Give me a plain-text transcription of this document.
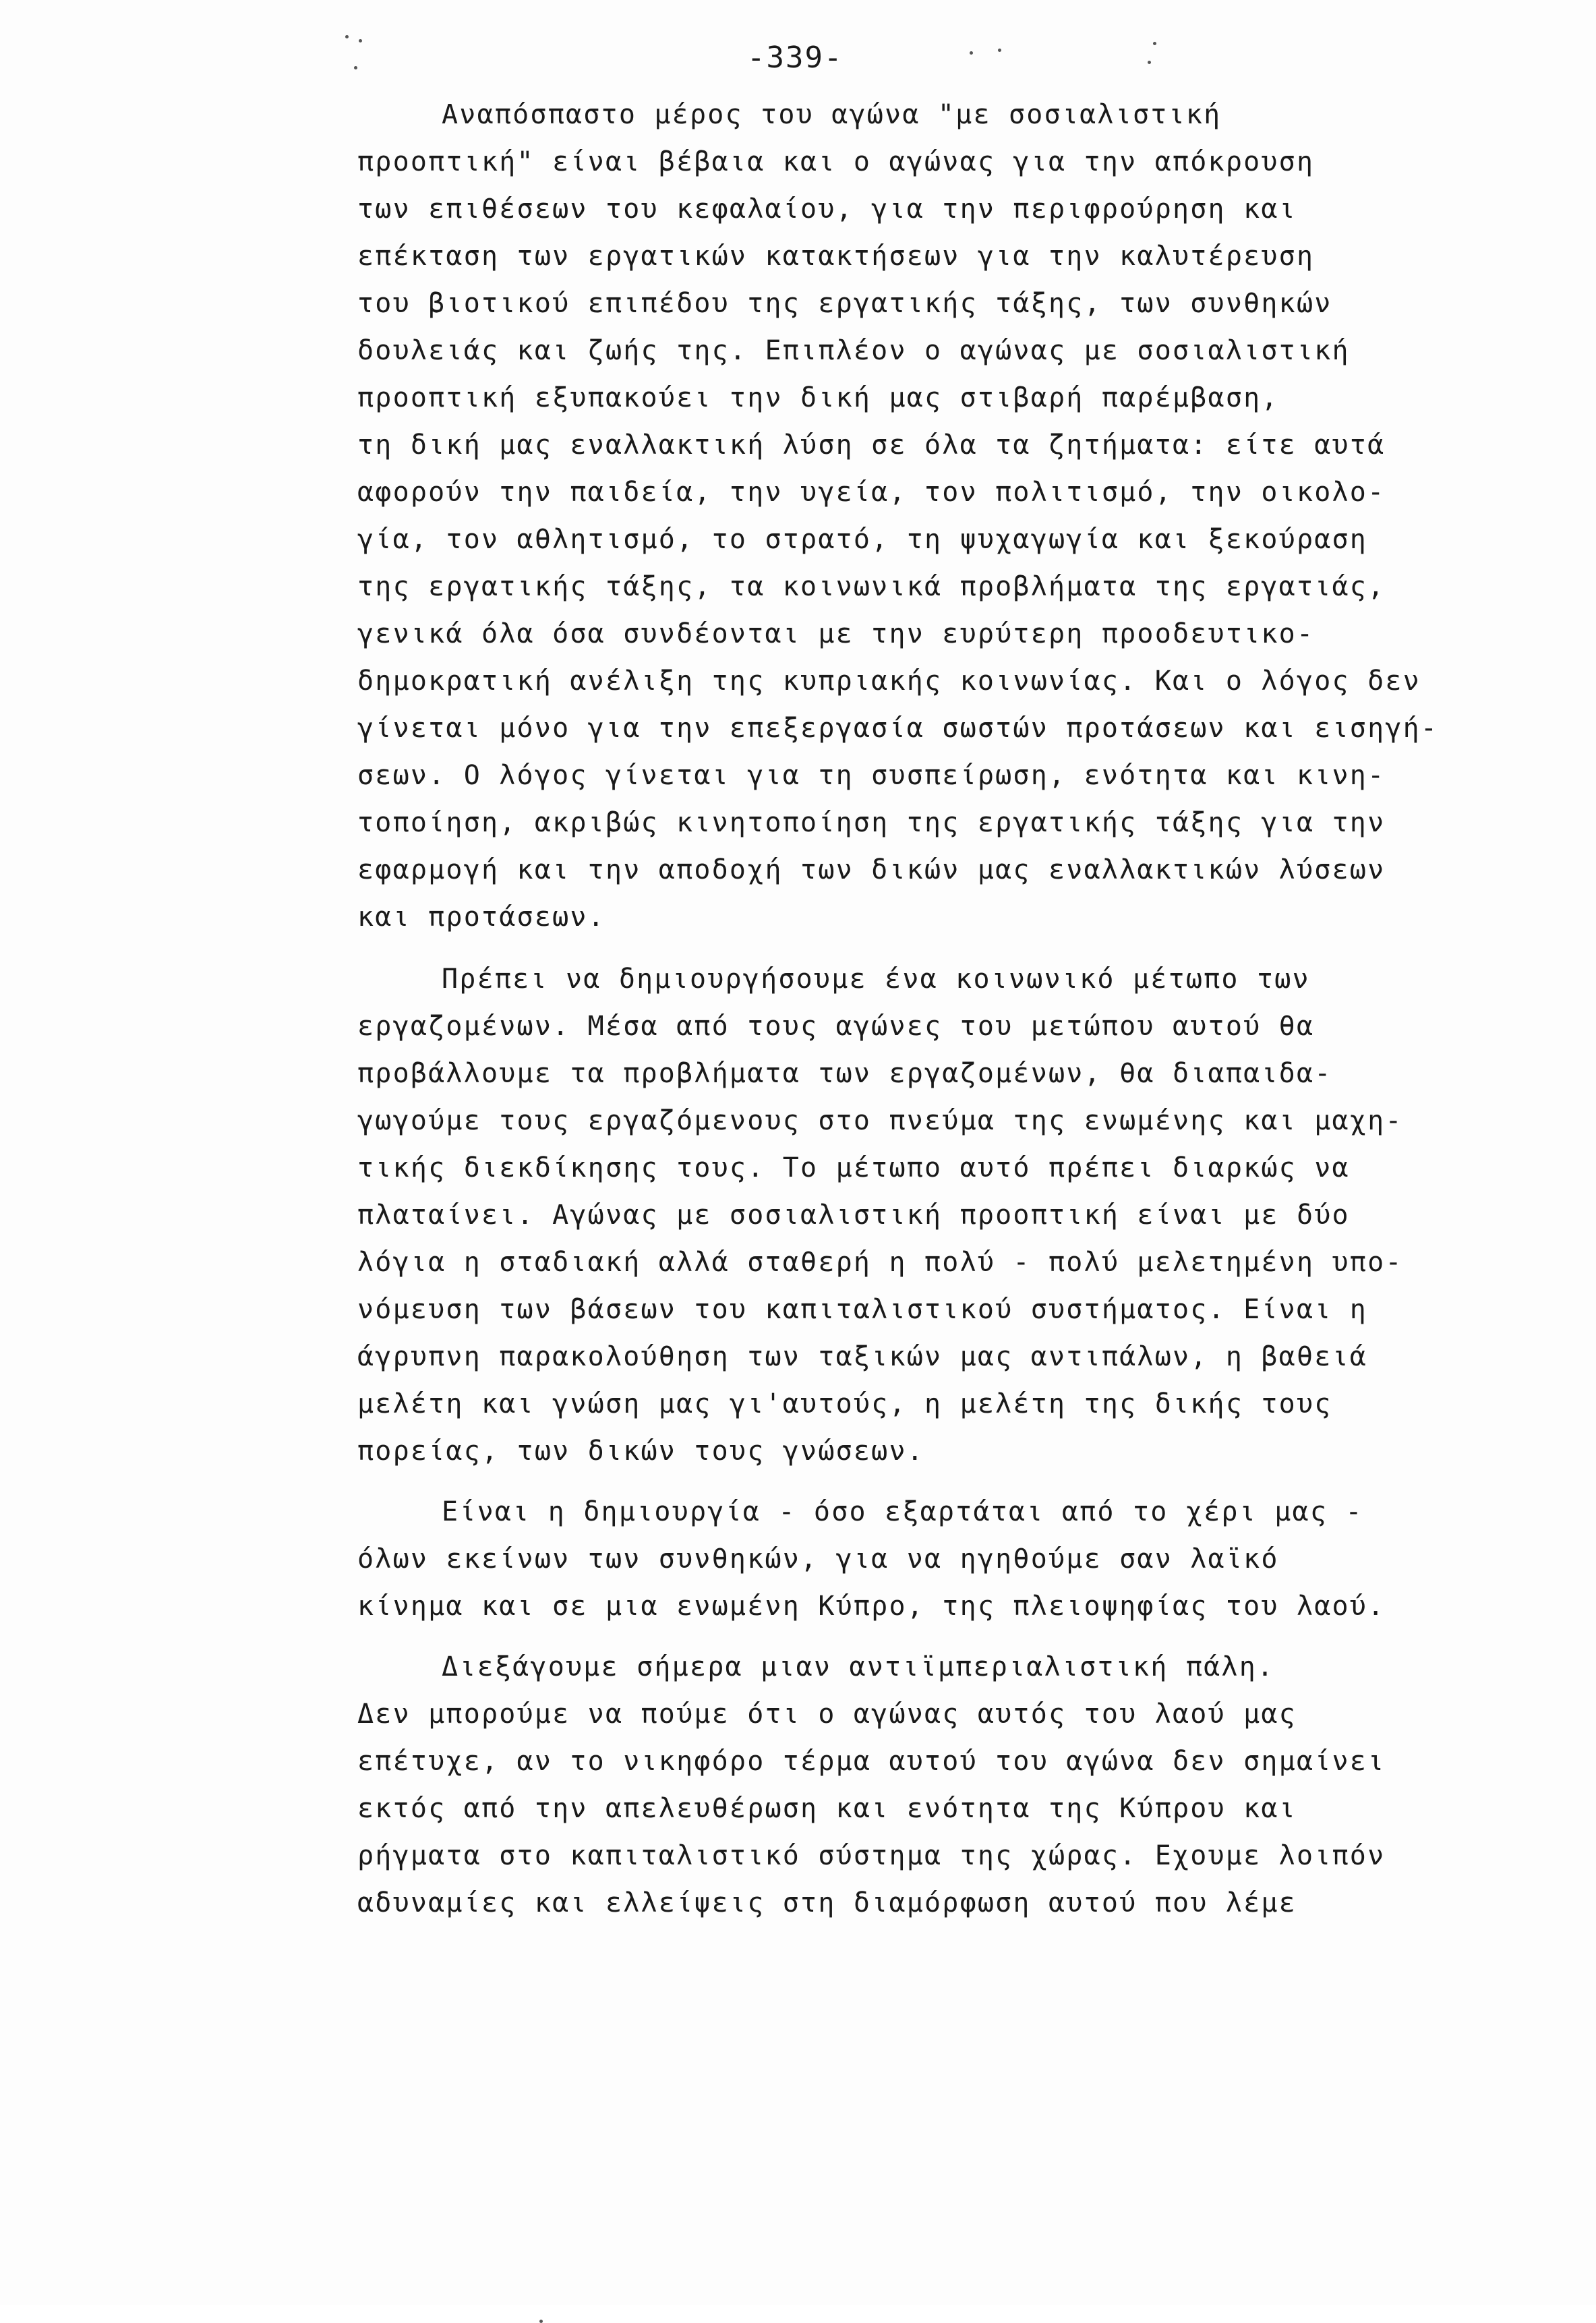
-339-
Αναπόσπαστο μέρος του αγώνα "με σοσιαλιστική
προοπτική" είναι βέβαια και ο αγώνας για την απόκρουση
των επιθέσεων του κεφαλαίου, για την περιφρούρηση και
επέκταση των εργατικών κατακτήσεων για την καλυτέρευση
του βιοτικού επιπέδου της εργατικής τάξης, των συνθηκών
δουλειάς και ζωής της. Επιπλέον ο αγώνας με σοσιαλιστική
προοπτική εξυπακούει την δική μας στιβαρή παρέμβαση,
τη δική μας εναλλακτική λύση σε όλα τα ζητήματα: είτε αυτά
αφορούν την παιδεία, την υγεία, τον πολιτισμό, την οικολο-
γία, τον αθλητισμό, το στρατό, τη ψυχαγωγία και ξεκούραση
της εργατικής τάξης, τα κοινωνικά προβλήματα της εργατιάς,
γενικά όλα όσα συνδέονται με την ευρύτερη προοδευτικο-
δημοκρατική ανέλιξη της κυπριακής κοινωνίας. Και ο λόγος δεν
γίνεται μόνο για την επεξεργασία σωστών προτάσεων και εισηγή-
σεων. Ο λόγος γίνεται για τη συσπείρωση, ενότητα και κινη-
τοποίηση, ακριβώς κινητοποίηση της εργατικής τάξης για την
εφαρμογή και την αποδοχή των δικών μας εναλλακτικών λύσεων
και προτάσεων.
Πρέπει να δημιουργήσουμε ένα κοινωνικό μέτωπο των
εργαζομένων. Μέσα από τους αγώνες του μετώπου αυτού θα
προβάλλουμε τα προβλήματα των εργαζομένων, θα διαπαιδα-
γωγούμε τους εργαζόμενους στο πνεύμα της ενωμένης και μαχη-
τικής διεκδίκησης τους. Το μέτωπο αυτό πρέπει διαρκώς να
πλαταίνει. Αγώνας με σοσιαλιστική προοπτική είναι με δύο
λόγια η σταδιακή αλλά σταθερή η πολύ - πολύ μελετημένη υπο-
νόμευση των βάσεων του καπιταλιστικού συστήματος. Είναι η
άγρυπνη παρακολούθηση των ταξικών μας αντιπάλων, η βαθειά
μελέτη και γνώση μας γι'αυτούς, η μελέτη της δικής τους
πορείας, των δικών τους γνώσεων.
Είναι η δημιουργία - όσο εξαρτάται από το χέρι μας -
όλων εκείνων των συνθηκών, για να ηγηθούμε σαν λαϊκό
κίνημα και σε μια ενωμένη Κύπρο, της πλειοψηφίας του λαού.
Διεξάγουμε σήμερα μιαν αντιϊμπεριαλιστική πάλη.
Δεν μπορούμε να πούμε ότι ο αγώνας αυτός του λαού μας
επέτυχε, αν το νικηφόρο τέρμα αυτού του αγώνα δεν σημαίνει
εκτός από την απελευθέρωση και ενότητα της Κύπρου και
ρήγματα στο καπιταλιστικό σύστημα της χώρας. Εχουμε λοιπόν
αδυναμίες και ελλείψεις στη διαμόρφωση αυτού που λέμε
